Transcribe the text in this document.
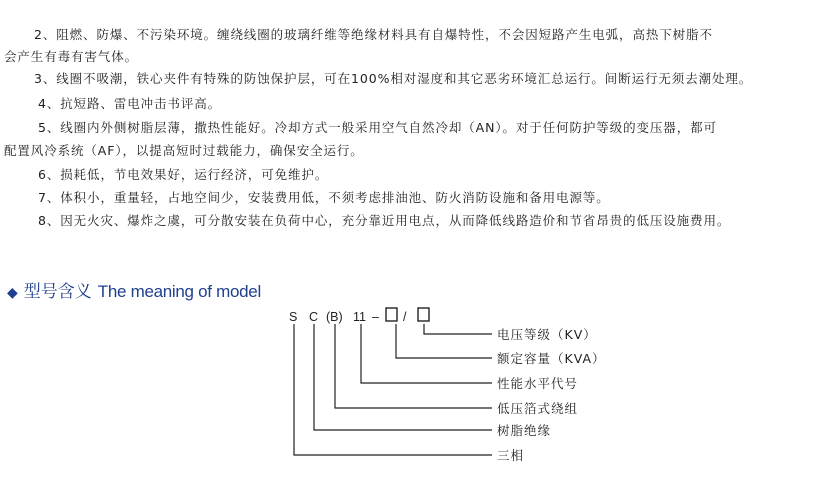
2、阻燃、防爆、不污染环境。缠绕线圈的玻璃纤维等绝缘材料具有自爆特性，不会因短路产生电弧，高热下树脂不
会产生有毒有害气体。
3、线圈不吸潮，铁心夹件有特殊的防蚀保护层，可在100%相对湿度和其它恶劣环境汇总运行。间断运行无须去潮处理。
4、抗短路、雷电冲击书评高。
5、线圈内外侧树脂层薄，撒热性能好。冷却方式一般采用空气自然冷却（AN）。对于任何防护等级的变压器，都可
配置风冷系统（AF），以提高短时过载能力，确保安全运行。
6、损耗低，节电效果好，运行经济，可免维护。
7、体积小，重量轻，占地空间少，安装费用低，不须考虑排油池、防火消防设施和备用电源等。
8、因无火灾、爆炸之虞，可分散安装在负荷中心，充分靠近用电点，从而降低线路造价和节省昂贵的低压设施费用。
◆ 型号含义 The meaning of model
S C (B) 11 – /
电压等级（KV）
额定容量（KVA）
性能水平代号
低压箔式绕组
树脂绝缘
三相
